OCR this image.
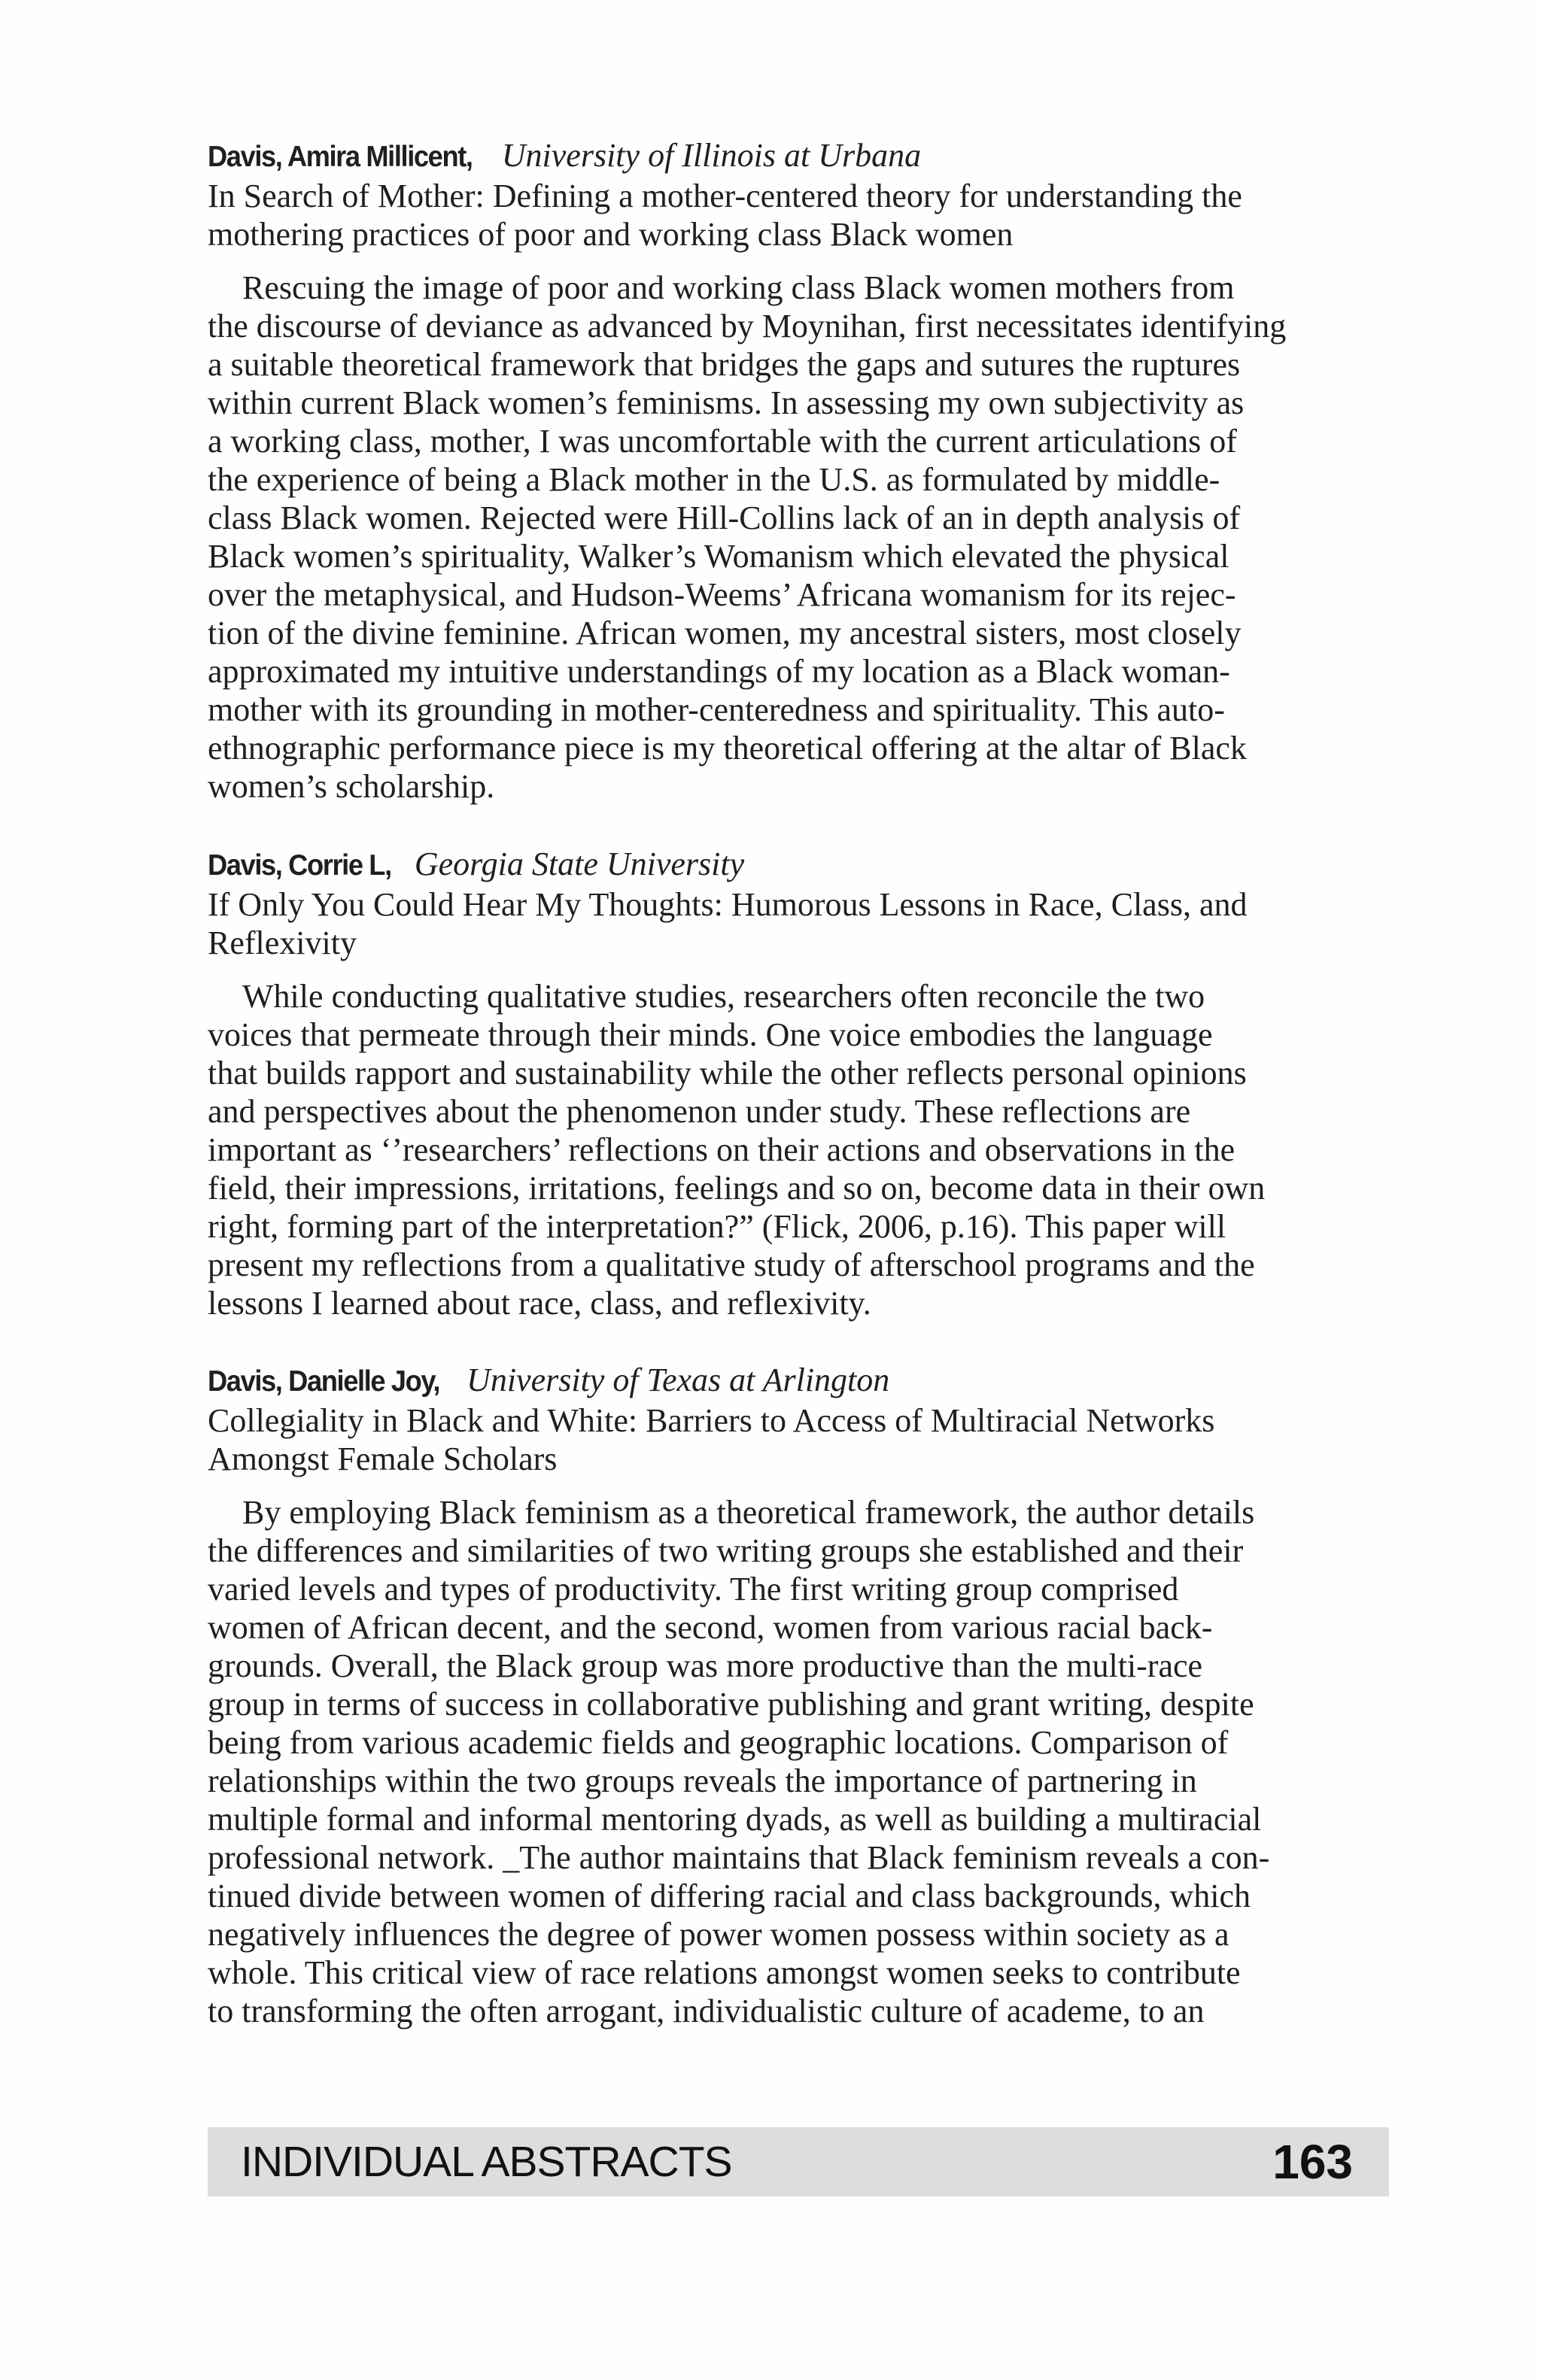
Davis, Amira Millicent, University of Illinois at Urbana
In Search of Mother: Defining a mother-centered theory for understanding the
mothering practices of poor and working class Black women
Rescuing the image of poor and working class Black women mothers from
the discourse of deviance as advanced by Moynihan, first necessitates identifying
a suitable theoretical framework that bridges the gaps and sutures the ruptures
within current Black women’s feminisms. In assessing my own subjectivity as
a working class, mother, I was uncomfortable with the current articulations of
the experience of being a Black mother in the U.S. as formulated by middle-
class Black women. Rejected were Hill-Collins lack of an in depth analysis of
Black women’s spirituality, Walker’s Womanism which elevated the physical
over the metaphysical, and Hudson-Weems’ Africana womanism for its rejec-
tion of the divine feminine. African women, my ancestral sisters, most closely
approximated my intuitive understandings of my location as a Black woman-
mother with its grounding in mother-centeredness and spirituality. This auto-
ethnographic performance piece is my theoretical offering at the altar of Black
women’s scholarship.
Davis, Corrie L, Georgia State University
If Only You Could Hear My Thoughts: Humorous Lessons in Race, Class, and
Reflexivity
While conducting qualitative studies, researchers often reconcile the two
voices that permeate through their minds. One voice embodies the language
that builds rapport and sustainability while the other reflects personal opinions
and perspectives about the phenomenon under study. These reflections are
important as ‘’researchers’ reflections on their actions and observations in the
field, their impressions, irritations, feelings and so on, become data in their own
right, forming part of the interpretation?” (Flick, 2006, p.16). This paper will
present my reflections from a qualitative study of afterschool programs and the
lessons I learned about race, class, and reflexivity.
Davis, Danielle Joy, University of Texas at Arlington
Collegiality in Black and White: Barriers to Access of Multiracial Networks
Amongst Female Scholars
By employing Black feminism as a theoretical framework, the author details
the differences and similarities of two writing groups she established and their
varied levels and types of productivity. The first writing group comprised
women of African decent, and the second, women from various racial back-
grounds. Overall, the Black group was more productive than the multi-race
group in terms of success in collaborative publishing and grant writing, despite
being from various academic fields and geographic locations. Comparison of
relationships within the two groups reveals the importance of partnering in
multiple formal and informal mentoring dyads, as well as building a multiracial
professional network. _The author maintains that Black feminism reveals a con-
tinued divide between women of differing racial and class backgrounds, which
negatively influences the degree of power women possess within society as a
whole. This critical view of race relations amongst women seeks to contribute
to transforming the often arrogant, individualistic culture of academe, to an
INDIVIDUAL ABSTRACTS	163
